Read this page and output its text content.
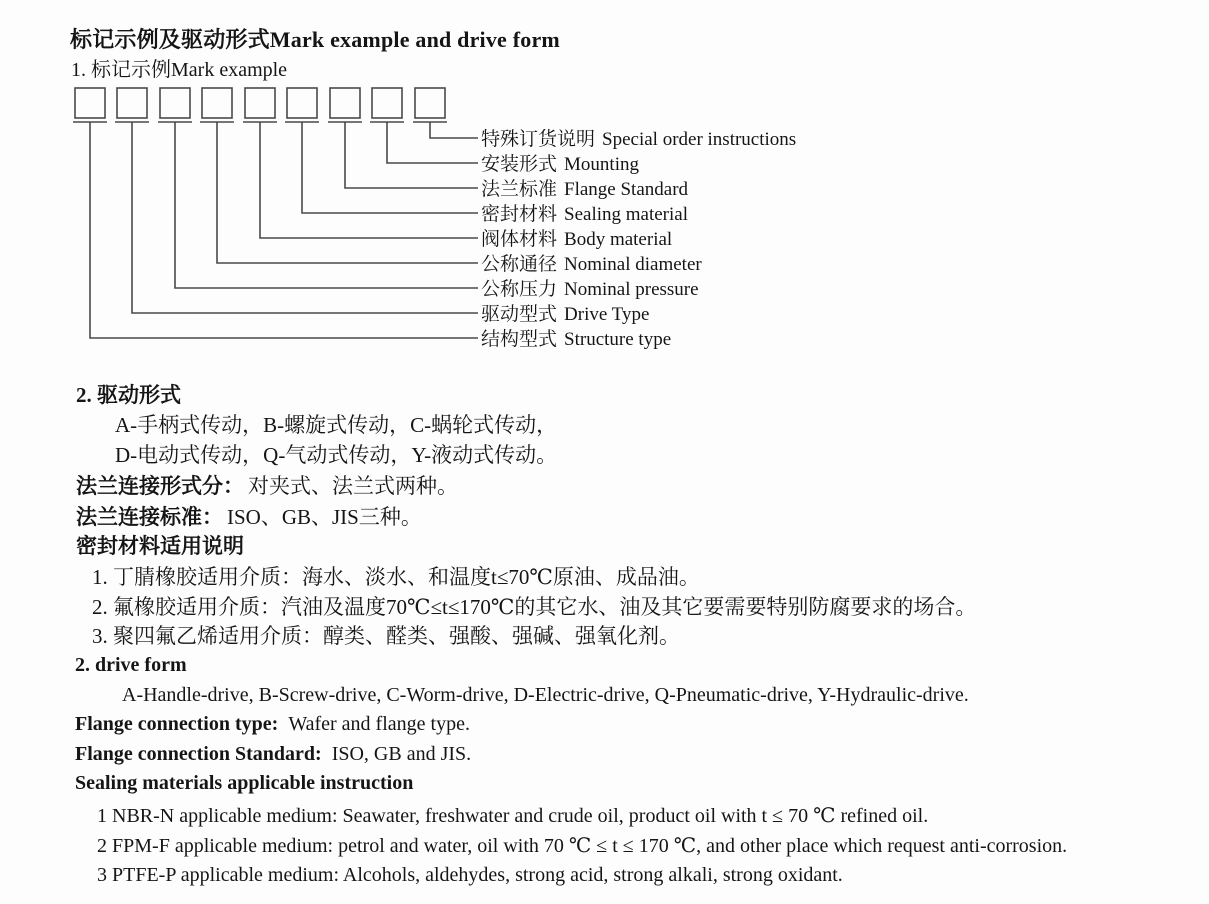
标记示例及驱动形式Mark example and drive form
1. 标记示例Mark example
特殊订货说明 Special order instructions
安装形式 Mounting
法兰标准 Flange Standard
密封材料 Sealing material
阀体材料 Body material
公称通径 Nominal diameter
公称压力 Nominal pressure
驱动型式 Drive Type
结构型式 Structure type
2. 驱动形式
A-手柄式传动，B-螺旋式传动，C-蜗轮式传动，
D-电动式传动，Q-气动式传动，Y-液动式传动。
法兰连接形式分： 对夹式、法兰式两种。
法兰连接标准： ISO、GB、JIS三种。
密封材料适用说明
1. 丁腈橡胶适用介质：海水、淡水、和温度t≤70℃原油、成品油。
2. 氟橡胶适用介质：汽油及温度70℃≤t≤170℃的其它水、油及其它要需要特别防腐要求的场合。
3. 聚四氟乙烯适用介质：醇类、醛类、强酸、强碱、强氧化剂。
2. drive form
A-Handle-drive, B-Screw-drive, C-Worm-drive, D-Electric-drive, Q-Pneumatic-drive, Y-Hydraulic-drive.
Flange connection type: Wafer and flange type.
Flange connection Standard: ISO, GB and JIS.
Sealing materials applicable instruction
1 NBR-N applicable medium: Seawater, freshwater and crude oil, product oil with t ≤ 70 ℃ refined oil.
2 FPM-F applicable medium: petrol and water, oil with 70 ℃ ≤ t ≤ 170 ℃, and other place which request anti-corrosion.
3 PTFE-P applicable medium: Alcohols, aldehydes, strong acid, strong alkali, strong oxidant.
